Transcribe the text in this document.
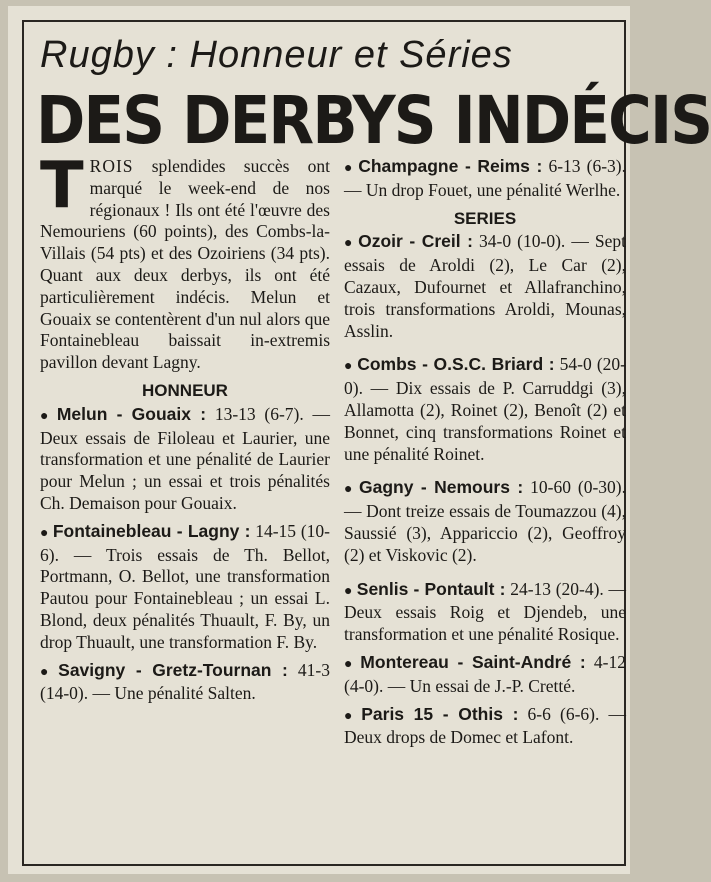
Rugby : Honneur et Séries
DES DERBYS INDÉCIS

TROIS splendides succès ont marqué le week-end de nos régionaux ! Ils ont été l'œuvre des Nemouriens (60 points), des Combs-la-Villais (54 pts) et des Ozoiriens (34 pts). Quant aux deux derbys, ils ont été particulièrement indécis. Melun et Gouaix se contentèrent d'un nul alors que Fontainebleau baissait in-extremis pavillon devant Lagny.

HONNEUR

● Melun - Gouaix : 13-13 (6-7). — Deux essais de Filoleau et Laurier, une transformation et une pénalité de Laurier pour Melun ; un essai et trois pénalités Ch. Demaison pour Gouaix.

● Fontainebleau - Lagny : 14-15 (10-6). — Trois essais de Th. Bellot, Portmann, O. Bellot, une transformation Pautou pour Fontainebleau ; un essai L. Blond, deux pénalités Thuault, F. By, un drop Thuault, une transformation F. By.

● Savigny - Gretz-Tournan : 41-3 (14-0). — Une pénalité Salten.

● Champagne - Reims : 6-13 (6-3). — Un drop Fouet, une pénalité Werlhe.

SERIES

● Ozoir - Creil : 34-0 (10-0). — Sept essais de Aroldi (2), Le Car (2), Cazaux, Dufournet et Allafranchino, trois transformations Aroldi, Mounas, Asslin.

● Combs - O.S.C. Briard : 54-0 (20-0). — Dix essais de P. Carruddgi (3), Allamotta (2), Roinet (2), Benoît (2) et Bonnet, cinq transformations Roinet et une pénalité Roinet.

● Gagny - Nemours : 10-60 (0-30). — Dont treize essais de Toumazzou (4), Saussié (3), Appariccio (2), Geoffroy (2) et Viskovic (2).

● Senlis - Pontault : 24-13 (20-4). — Deux essais Roig et Djendeb, une transformation et une pénalité Rosique.

● Montereau - Saint-André : 4-12 (4-0). — Un essai de J.-P. Cretté.

● Paris 15 - Othis : 6-6 (6-6). — Deux drops de Domec et Lafont.
